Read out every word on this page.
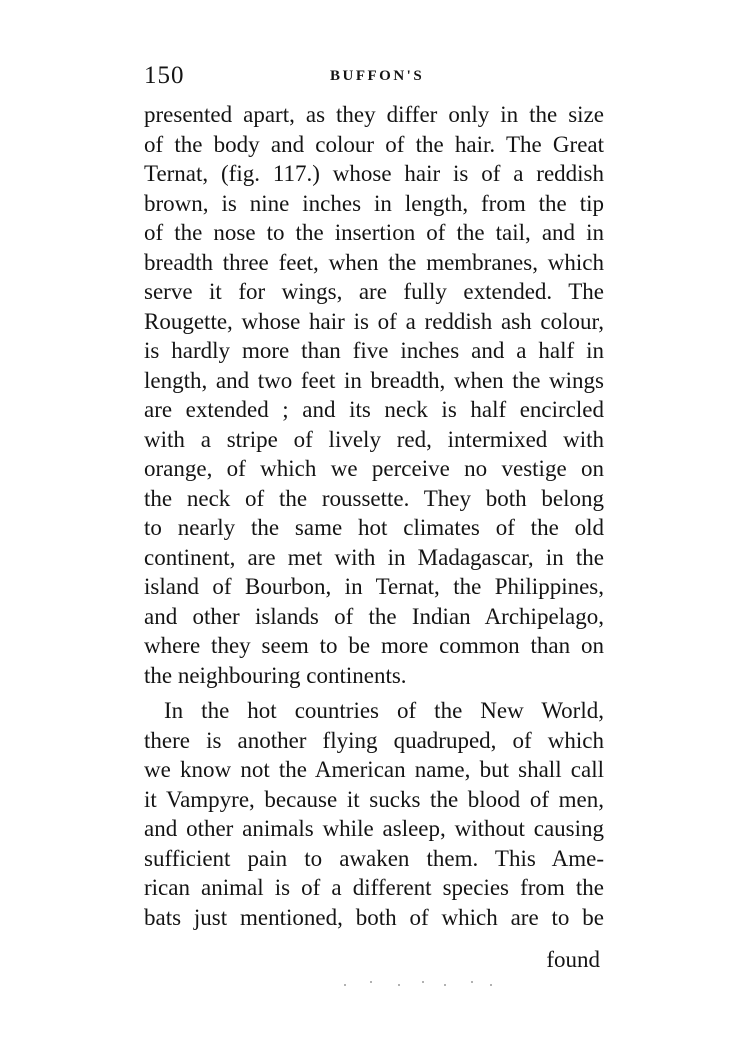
150	BUFFON'S
presented apart, as they differ only in the size
of the body and colour of the hair. The Great
Ternat, (fig. 117.) whose hair is of a reddish
brown, is nine inches in length, from the tip
of the nose to the insertion of the tail, and in
breadth three feet, when the membranes, which
serve it for wings, are fully extended. The
Rougette, whose hair is of a reddish ash colour,
is hardly more than five inches and a half in
length, and two feet in breadth, when the wings
are extended ; and its neck is half encircled
with a stripe of lively red, intermixed with
orange, of which we perceive no vestige on
the neck of the roussette. They both belong
to nearly the same hot climates of the old
continent, are met with in Madagascar, in the
island of Bourbon, in Ternat, the Philippines,
and other islands of the Indian Archipelago,
where they seem to be more common than on
the neighbouring continents.
In the hot countries of the New World,
there is another flying quadruped, of which
we know not the American name, but shall call
it Vampyre, because it sucks the blood of men,
and other animals while asleep, without causing
sufficient pain to awaken them. This Ame-
rican animal is of a different species from the
bats just mentioned, both of which are to be
found
